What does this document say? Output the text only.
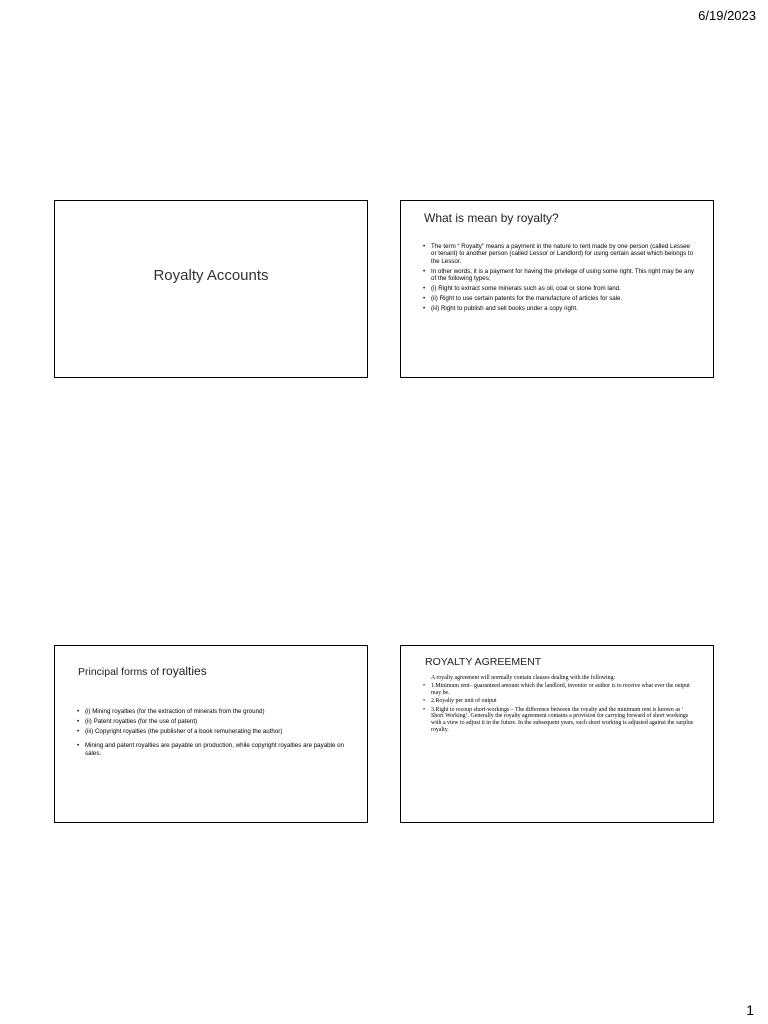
6/19/2023
Royalty Accounts
What is mean by royalty?
• The term “ Royalty” means a payment in the nature to rent made by one person (called Lessee or tenant) to another person (called Lessor or Landlord) for using certain asset which belongs to the Lessor.
• In other words, it is a payment for having the privilege of using some right. This right may be any of the following types;
• (i) Right to extract some minerals such as oil, coal or stone from land.
• (ii) Right to use certain patents for the manufacture of articles for sale.
• (iii) Right to publish and sell books under a copy right.
Principal forms of royalties
• (i) Mining royalties (for the extraction of minerals from the ground)
• (ii) Patent royalties (for the use of patent)
• (iii) Copyright royalties (the publisher of a book remunerating the author)
• Mining and patent royalties are payable on production, while copyright royalties are payable on sales.
ROYALTY AGREEMENT
A royalty agreement will normally contain clauses dealing with the following:
• 1.Minimum rent– guaranteed amount which the landlord, inventor or author is to receive what ever the output may be.
• 2.Royalty per unit of output
• 3.Right to recoup short-workings – The difference between the royalty and the minimum rent is known as ‘ Short Working’. Generally the royalty agreement contains a provision for carrying forward of short workings with a view to adjust it in the future. In the subsequent years, such short working is adjusted against the surplus royalty.
1
